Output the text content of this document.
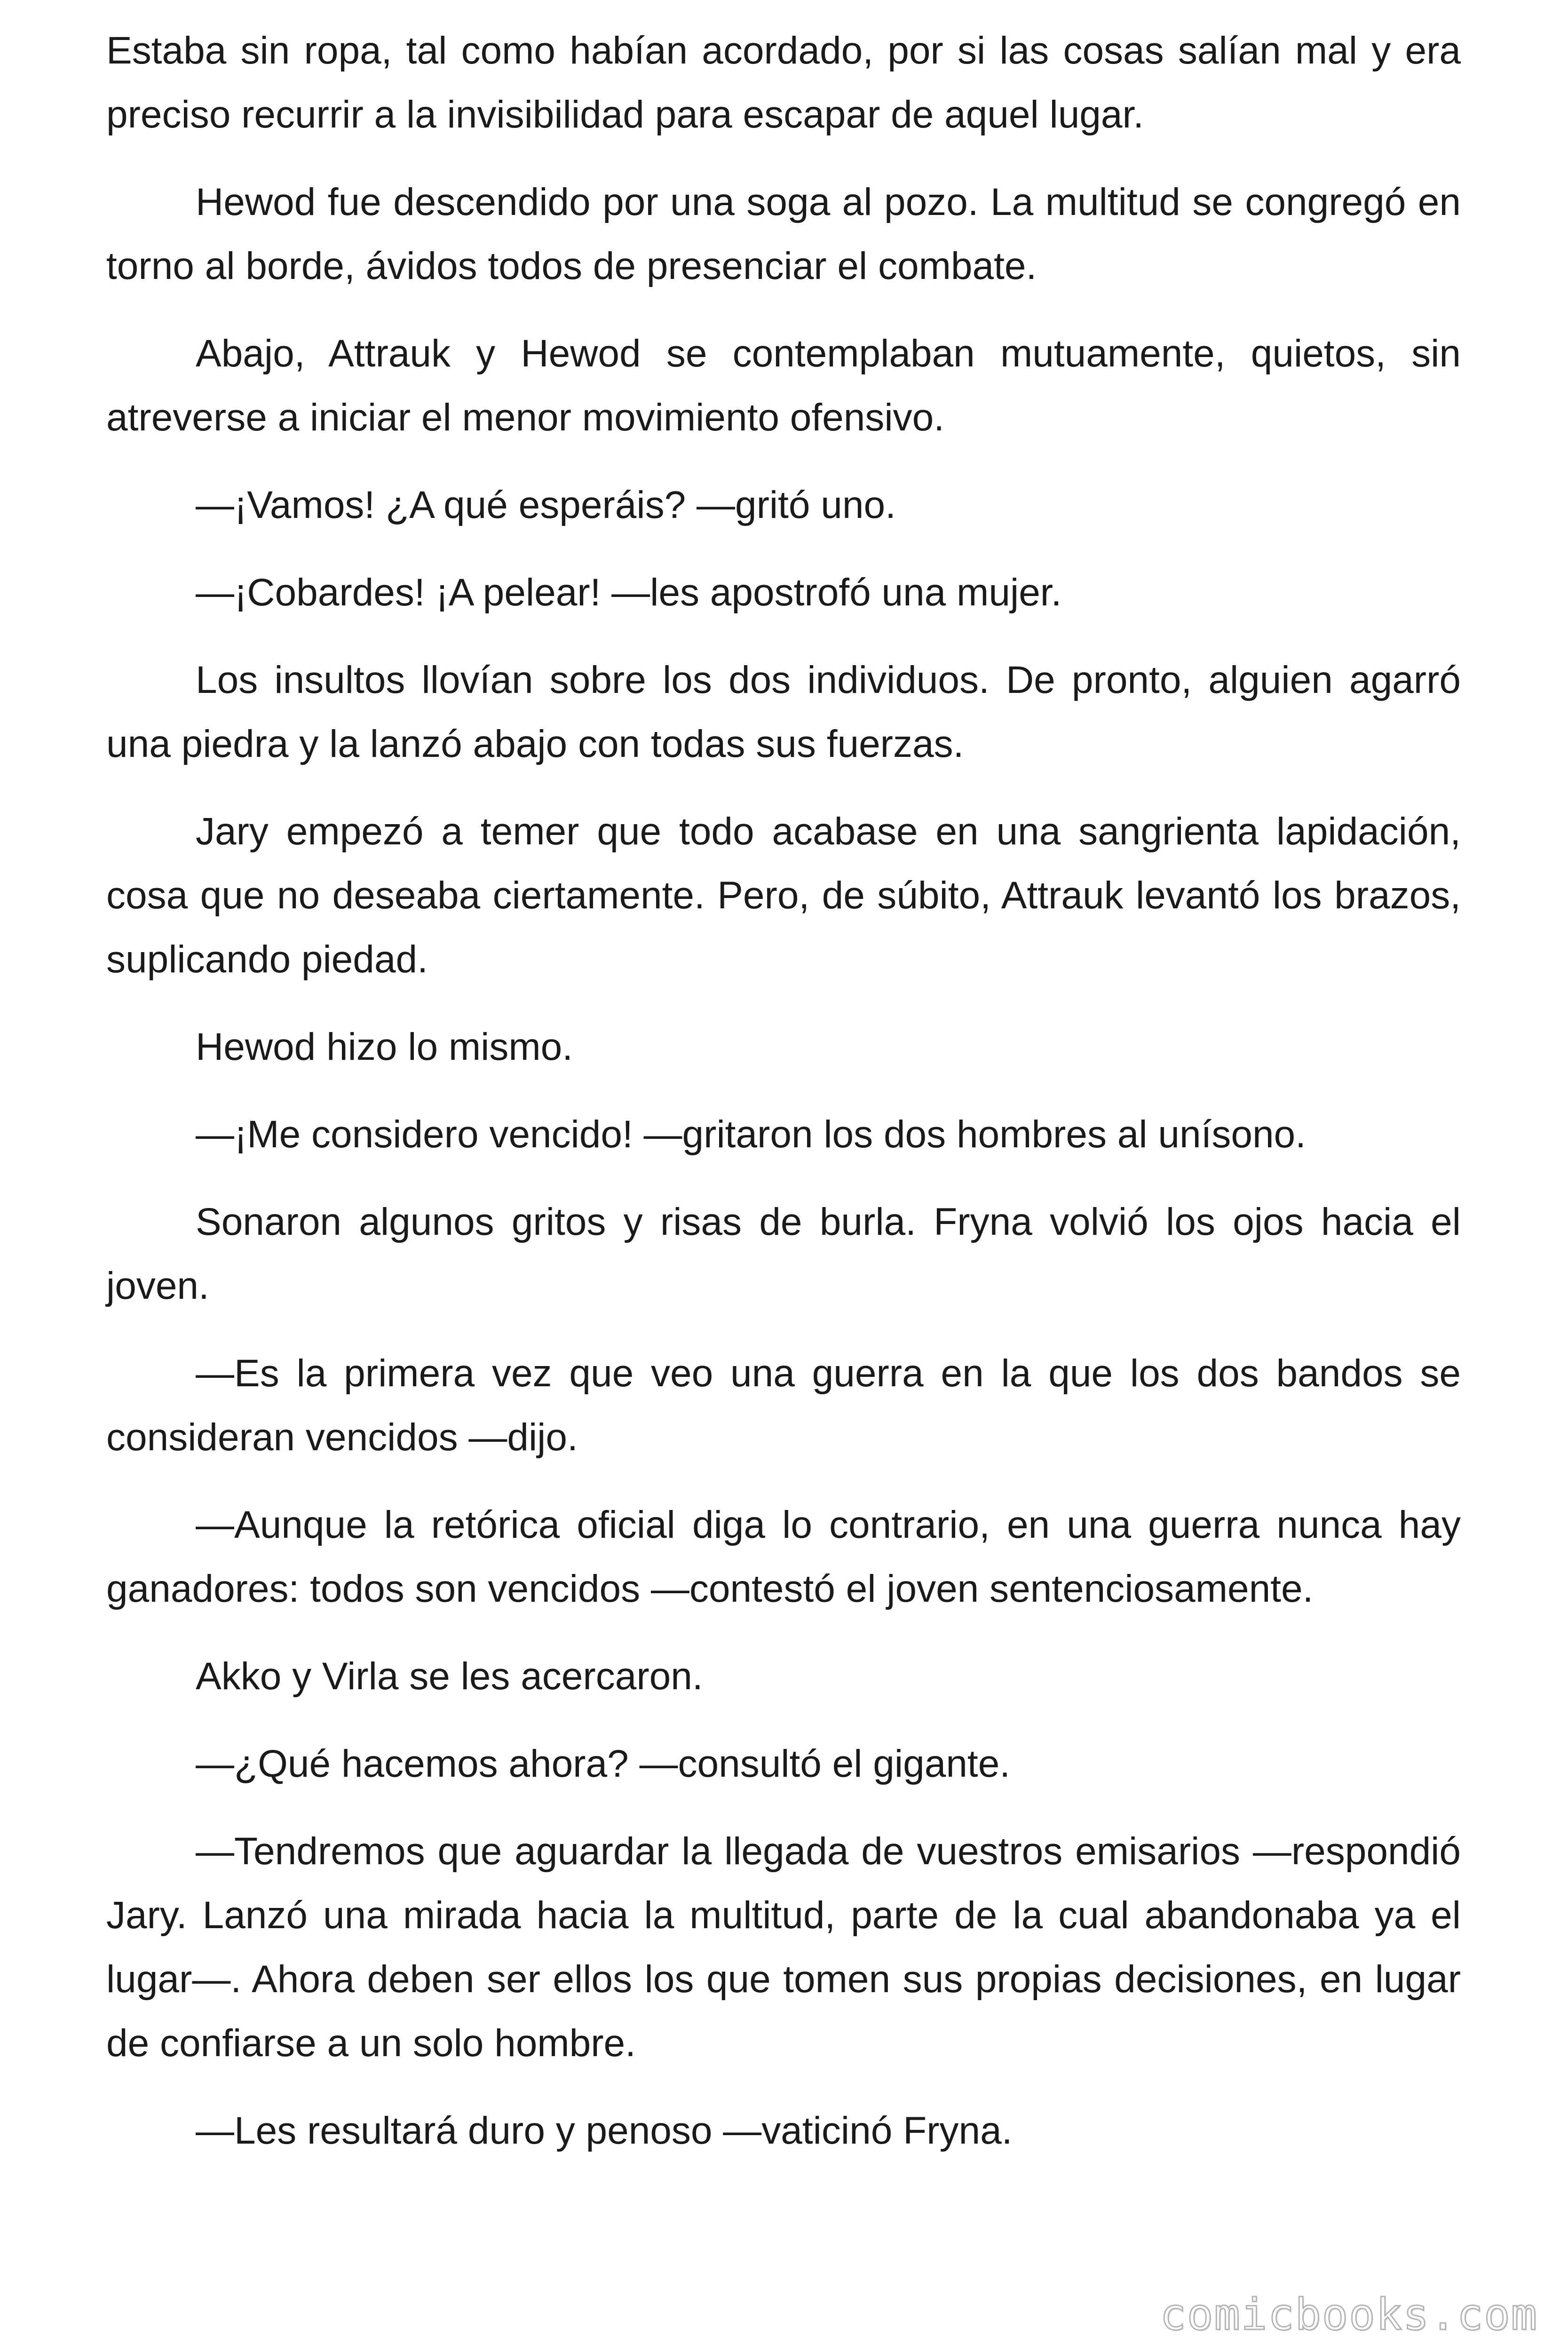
Estaba sin ropa, tal como habían acordado, por si las cosas salían mal y era preciso recurrir a la invisibilidad para escapar de aquel lugar.

Hewod fue descendido por una soga al pozo. La multitud se congregó en torno al borde, ávidos todos de presenciar el combate.

Abajo, Attrauk y Hewod se contemplaban mutuamente, quietos, sin atreverse a iniciar el menor movimiento ofensivo.

—¡Vamos! ¿A qué esperáis? —gritó uno.

—¡Cobardes! ¡A pelear! —les apostrofó una mujer.

Los insultos llovían sobre los dos individuos. De pronto, alguien agarró una piedra y la lanzó abajo con todas sus fuerzas.

Jary empezó a temer que todo acabase en una sangrienta lapidación, cosa que no deseaba ciertamente. Pero, de súbito, Attrauk levantó los brazos, suplicando piedad.

Hewod hizo lo mismo.

—¡Me considero vencido! —gritaron los dos hombres al unísono.

Sonaron algunos gritos y risas de burla. Fryna volvió los ojos hacia el joven.

—Es la primera vez que veo una guerra en la que los dos bandos se consideran vencidos —dijo.

—Aunque la retórica oficial diga lo contrario, en una guerra nunca hay ganadores: todos son vencidos —contestó el joven sentenciosamente.

Akko y Virla se les acercaron.

—¿Qué hacemos ahora? —consultó el gigante.

—Tendremos que aguardar la llegada de vuestros emisarios —respondió Jary. Lanzó una mirada hacia la multitud, parte de la cual abandonaba ya el lugar—. Ahora deben ser ellos los que tomen sus propias decisiones, en lugar de confiarse a un solo hombre.

—Les resultará duro y penoso —vaticinó Fryna.

comicbooks.com
